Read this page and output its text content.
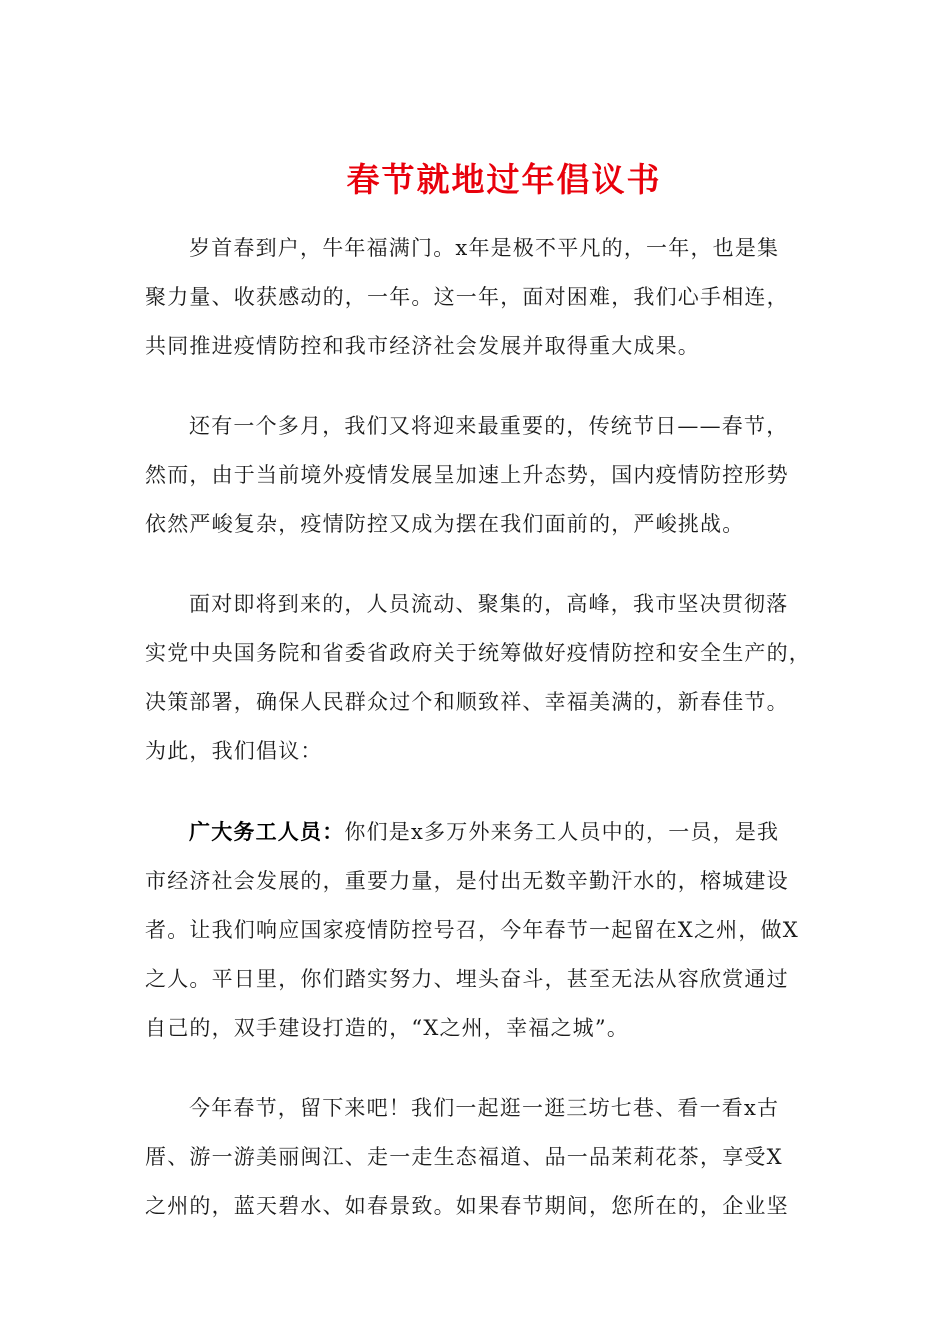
春节就地过年倡议书

岁首春到户，牛年福满门。x年是极不平凡的，一年，也是集
聚力量、收获感动的，一年。这一年，面对困难，我们心手相连，
共同推进疫情防控和我市经济社会发展并取得重大成果。

还有一个多月，我们又将迎来最重要的，传统节日——春节，
然而，由于当前境外疫情发展呈加速上升态势，国内疫情防控形势
依然严峻复杂，疫情防控又成为摆在我们面前的，严峻挑战。

面对即将到来的，人员流动、聚集的，高峰，我市坚决贯彻落
实党中央国务院和省委省政府关于统筹做好疫情防控和安全生产的，
决策部署，确保人民群众过个和顺致祥、幸福美满的，新春佳节。
为此，我们倡议：

广大务工人员：你们是x多万外来务工人员中的，一员，是我
市经济社会发展的，重要力量，是付出无数辛勤汗水的，榕城建设
者。让我们响应国家疫情防控号召，今年春节一起留在X之州，做X
之人。平日里，你们踏实努力、埋头奋斗，甚至无法从容欣赏通过
自己的，双手建设打造的，“X之州，幸福之城”。

今年春节，留下来吧！我们一起逛一逛三坊七巷、看一看x古
厝、游一游美丽闽江、走一走生态福道、品一品茉莉花茶，享受X
之州的，蓝天碧水、如春景致。如果春节期间，您所在的，企业坚
